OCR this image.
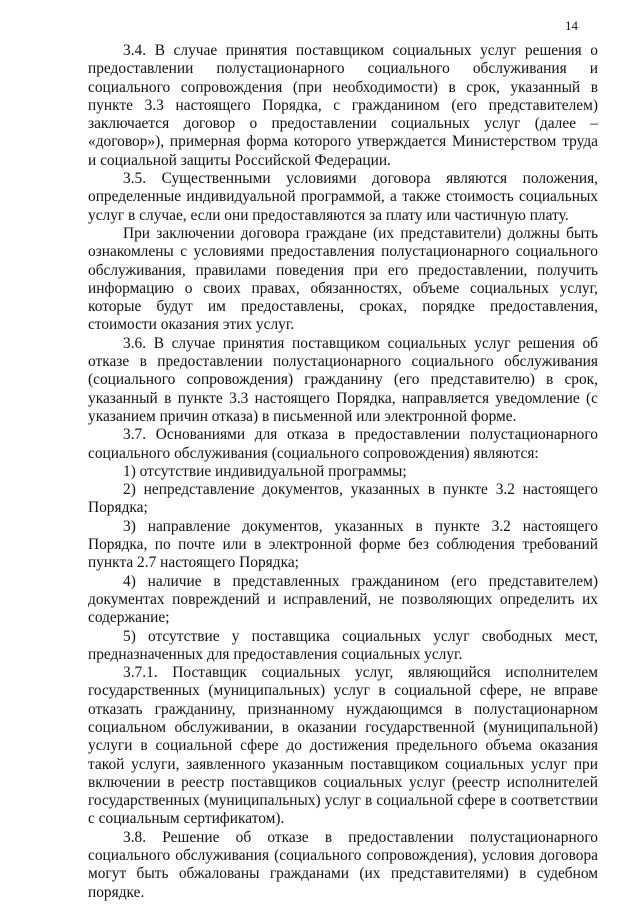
14

3.4. В случае принятия поставщиком социальных услуг решения о предоставлении полустационарного социального обслуживания и социального сопровождения (при необходимости) в срок, указанный в пункте 3.3 настоящего Порядка, с гражданином (его представителем) заключается договор о предоставлении социальных услуг (далее – «договор»), примерная форма которого утверждается Министерством труда и социальной защиты Российской Федерации.

3.5. Существенными условиями договора являются положения, определенные индивидуальной программой, а также стоимость социальных услуг в случае, если они предоставляются за плату или частичную плату.

При заключении договора граждане (их представители) должны быть ознакомлены с условиями предоставления полустационарного социального обслуживания, правилами поведения при его предоставлении, получить информацию о своих правах, обязанностях, объеме социальных услуг, которые будут им предоставлены, сроках, порядке предоставления, стоимости оказания этих услуг.

3.6. В случае принятия поставщиком социальных услуг решения об отказе в предоставлении полустационарного социального обслуживания (социального сопровождения) гражданину (его представителю) в срок, указанный в пункте 3.3 настоящего Порядка, направляется уведомление (с указанием причин отказа) в письменной или электронной форме.

3.7. Основаниями для отказа в предоставлении полустационарного социального обслуживания (социального сопровождения) являются:

1) отсутствие индивидуальной программы;

2) непредставление документов, указанных в пункте 3.2 настоящего Порядка;

3) направление документов, указанных в пункте 3.2 настоящего Порядка, по почте или в электронной форме без соблюдения требований пункта 2.7 настоящего Порядка;

4) наличие в представленных гражданином (его представителем) документах повреждений и исправлений, не позволяющих определить их содержание;

5) отсутствие у поставщика социальных услуг свободных мест, предназначенных для предоставления социальных услуг.

3.7.1. Поставщик социальных услуг, являющийся исполнителем государственных (муниципальных) услуг в социальной сфере, не вправе отказать гражданину, признанному нуждающимся в полустационарном социальном обслуживании, в оказании государственной (муниципальной) услуги в социальной сфере до достижения предельного объема оказания такой услуги, заявленного указанным поставщиком социальных услуг при включении в реестр поставщиков социальных услуг (реестр исполнителей государственных (муниципальных) услуг в социальной сфере в соответствии с социальным сертификатом).

3.8. Решение об отказе в предоставлении полустационарного социального обслуживания (социального сопровождения), условия договора могут быть обжалованы гражданами (их представителями) в судебном порядке.
